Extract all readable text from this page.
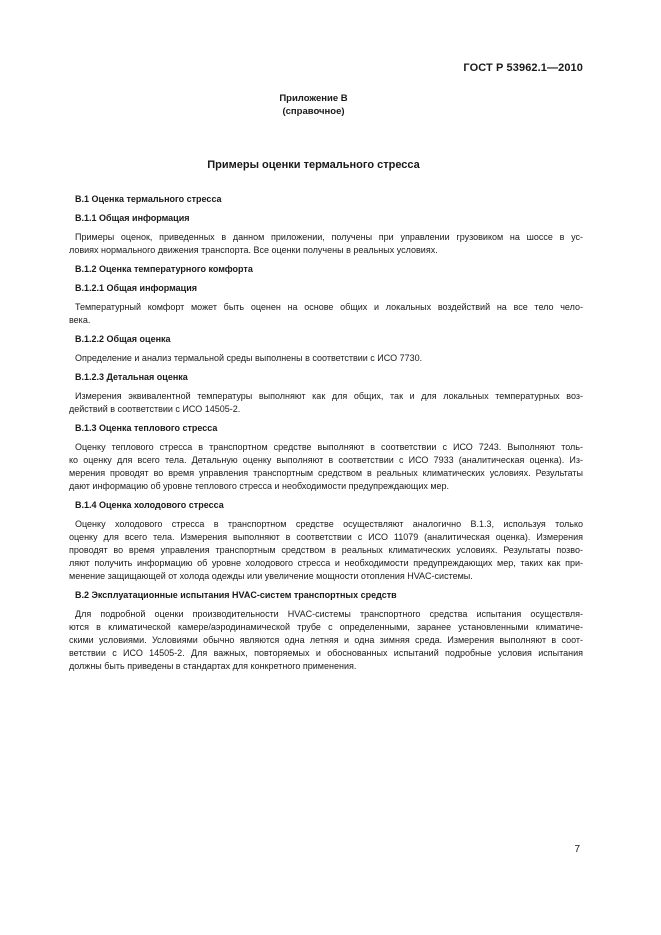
ГОСТ Р 53962.1—2010
Приложение В
(справочное)
Примеры оценки термального стресса
В.1 Оценка термального стресса
В.1.1 Общая информация
Примеры оценок, приведенных в данном приложении, получены при управлении грузовиком на шоссе в ус-
ловиях нормального движения транспорта. Все оценки получены в реальных условиях.
В.1.2 Оценка температурного комфорта
В.1.2.1 Общая информация
Температурный комфорт может быть оценен на основе общих и локальных воздействий на все тело чело-
века.
В.1.2.2 Общая оценка
Определение и анализ термальной среды выполнены в соответствии с ИСО 7730.
В.1.2.3 Детальная оценка
Измерения эквивалентной температуры выполняют как для общих, так и для локальных температурных воз-
действий в соответствии с ИСО 14505-2.
В.1.3 Оценка теплового стресса
Оценку теплового стресса в транспортном средстве выполняют в соответствии с ИСО 7243. Выполняют толь-
ко оценку для всего тела. Детальную оценку выполняют в соответствии с ИСО 7933 (аналитическая оценка). Из-
мерения проводят во время управления транспортным средством в реальных климатических условиях. Результаты
дают информацию об уровне теплового стресса и необходимости предупреждающих мер.
В.1.4 Оценка холодового стресса
Оценку холодового стресса в транспортном средстве осуществляют аналогично В.1.3, используя только
оценку для всего тела. Измерения выполняют в соответствии с ИСО 11079 (аналитическая оценка). Измерения
проводят во время управления транспортным средством в реальных климатических условиях. Результаты позво-
ляют получить информацию об уровне холодового стресса и необходимости предупреждающих мер, таких как при-
менение защищающей от холода одежды или увеличение мощности отопления HVAC-системы.
В.2 Эксплуатационные испытания HVAC-систем транспортных средств
Для подробной оценки производительности HVAC-системы транспортного средства испытания осуществля-
ются в климатической камере/аэродинамической трубе с определенными, заранее установленными климатиче-
скими условиями. Условиями обычно являются одна летняя и одна зимняя среда. Измерения выполняют в соот-
ветствии с ИСО 14505-2. Для важных, повторяемых и обоснованных испытаний подробные условия испытания
должны быть приведены в стандартах для конкретного применения.
7
